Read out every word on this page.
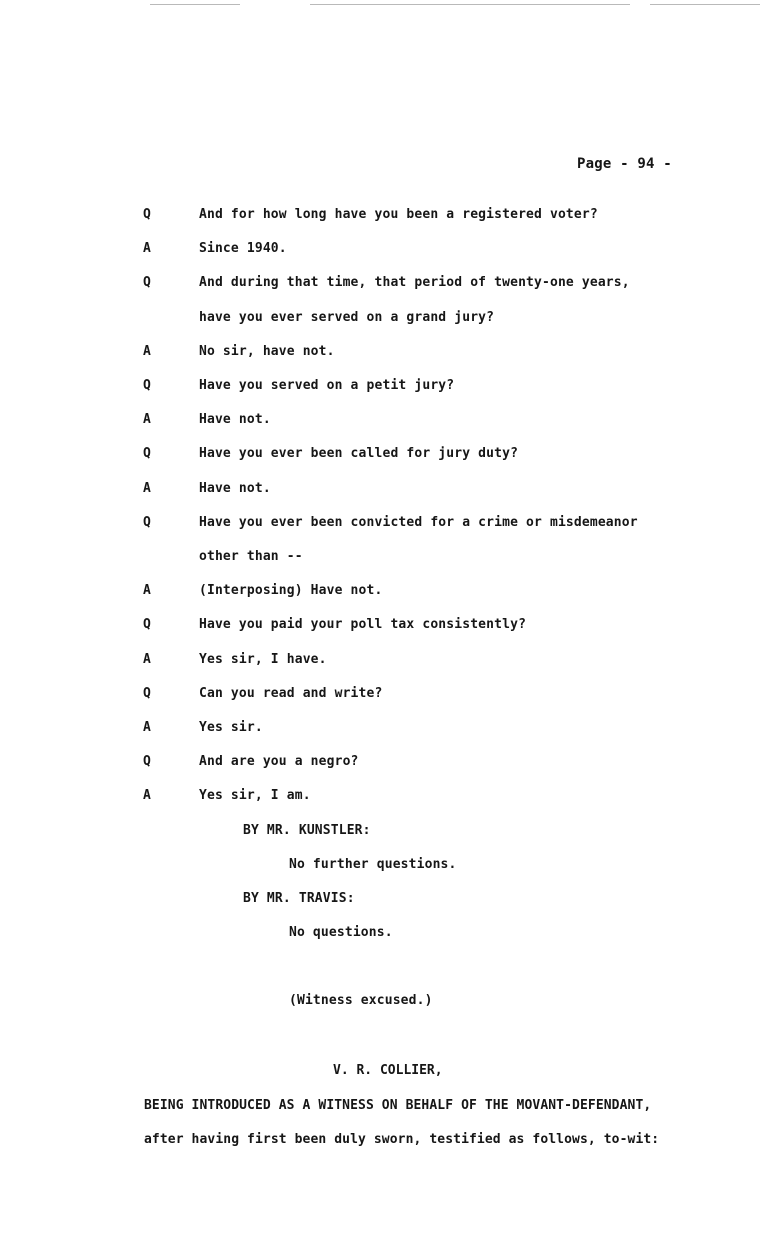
Page - 94 -
BY MR. KUNSTLER:
No further questions.
BY MR. TRAVIS:
No questions.
(Witness excused.)
V. R. COLLIER,
BEING INTRODUCED AS A WITNESS ON BEHALF OF THE MOVANT-DEFENDANT,
after having first been duly sworn, testified as follows, to-wit:
Q	And for how long have you been a registered voter?
A	Since 1940.
Q	And during that time, that period of twenty-one years,
have you ever served on a grand jury?
A	No sir, have not.
Q	Have you served on a petit jury?
A	Have not.
Q	Have you ever been called for jury duty?
A	Have not.
Q	Have you ever been convicted for a crime or misdemeanor
other than --
A	(Interposing) Have not.
Q	Have you paid your poll tax consistently?
A	Yes sir, I have.
Q	Can you read and write?
A	Yes sir.
Q	And are you a negro?
A	Yes sir, I am.
